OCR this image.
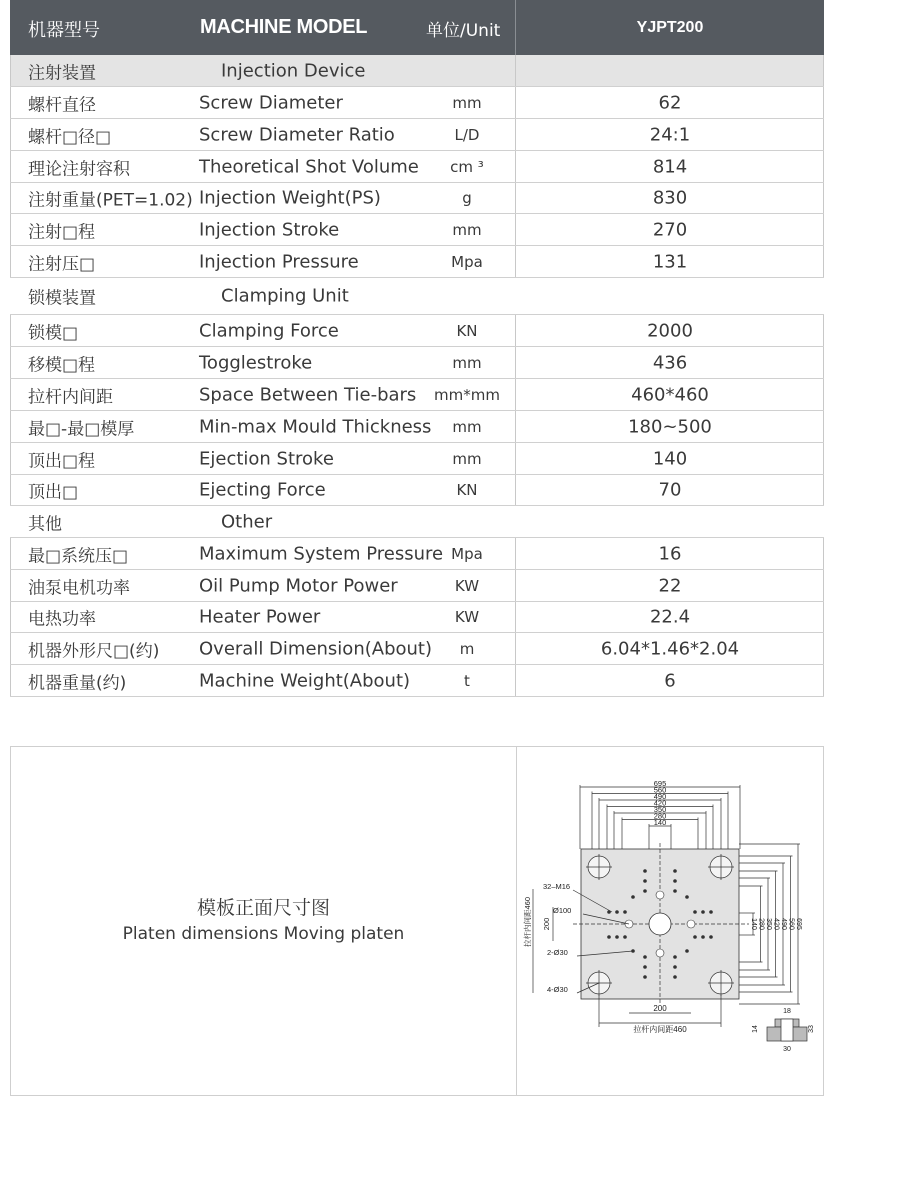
机器型号	MACHINE MODEL	单位/Unit	YJPT200
注射装置	Injection Device
螺杆直径	Screw Diameter	mm	62
螺杆□径□	Screw Diameter Ratio	L/D	24:1
理论注射容积	Theoretical Shot Volume	cm ³	814
注射重量(PET=1.02) Injection Weight(PS)	g	830
注射□程	Injection Stroke	mm	270
注射压□	Injection Pressure	Mpa	131
锁模装置	Clamping Unit
锁模□	Clamping Force	KN	2000
移模□程	Togglestroke	mm	436
拉杆内间距	Space Between Tie-bars mm*mm	460*460
最□-最□模厚	Min-max Mould Thickness	mm	180~500
顶出□程	Ejection Stroke	mm	140
顶出□	Ejecting Force	KN	70
其他	Other
最□系统压□	Maximum System Pressure Mpa	16
油泵电机功率	Oil Pump Motor Power	KW	22
电热功率	Heater Power	KW	22.4
机器外形尺□(约) Overall Dimension(About)	m	6.04*1.46*2.04
机器重量(约)	Machine Weight(About)	t	6
模板正面尺寸图
Platen dimensions Moving platen
695
560
490
420
350
280
140
140 280 350 420 490 560 695
拉杆内间距460 200
200
拉杆内间距460
32–M16
Ø100
2-Ø30
4-Ø30
18
14	33
30
